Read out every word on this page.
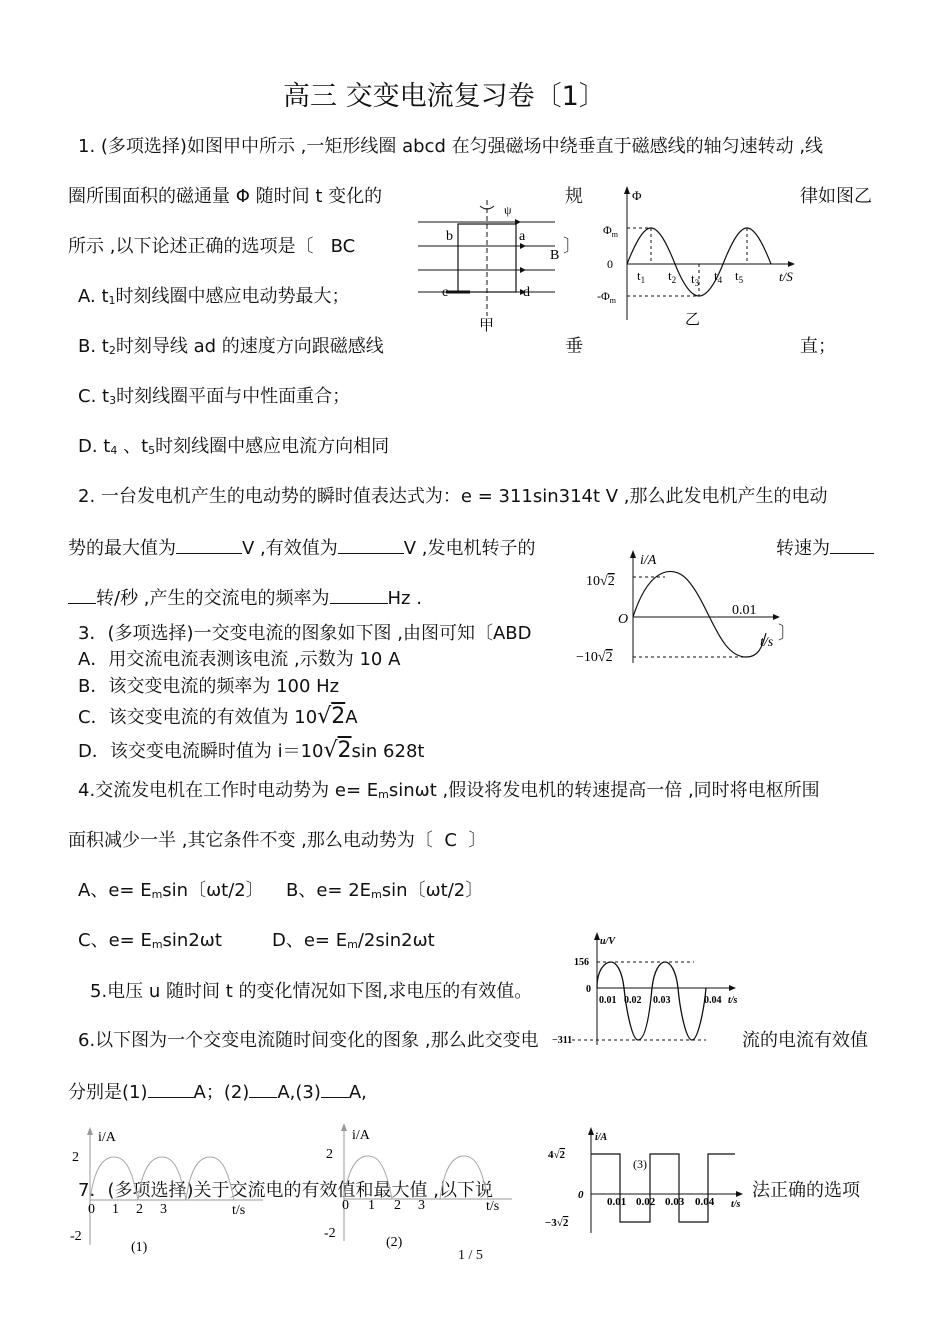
高三 交变电流复习卷〔1〕
1. (多项选择)如图甲中所示 ,一矩形线圈 abcd 在匀强磁场中绕垂直于磁感线的轴匀速转动 ,线
圈所围面积的磁通量 Φ 随时间 t 变化的	规	律如图乙
所示 ,以下论述正确的选项是〔 BC	〕
A. $t_1$时刻线圈中感应电动势最大；
B. $t_2$时刻导线 ad 的速度方向跟磁感线	垂	直；
C. $t_3$时刻线圈平面与中性面重合；
D. $t_4$ 、$t_5$时刻线圈中感应电流方向相同
ψ
b	a
B
c	d
甲
Φ
$\Phi_m$
0
$-\Phi_m$
$t_1$ $t_2$ $t_3$ $t_4$ $t_5$	t/S
乙
2. 一台发电机产生的电动势的瞬时值表达式为：e = 311sin314t V ,那么此发电机产生的电动
势的最大值为	V ,有效值为	V ,发电机转子的	转速为
转/秒 ,产生的交流电的频率为	Hz .
i/A
10√2
O
−10√2
0.01
t/s
3．(多项选择)一交变电流的图象如下图 ,由图可知〔ABD	〕
A．用交流电流表测该电流 ,示数为 10 A
B．该交变电流的频率为 100 Hz
C．该交变电流的有效值为 10√2A
D．该交变电流瞬时值为 i＝10√2sin 628t
4.交流发电机在工作时电动势为 $e= E_m\sin\omega t$ ,假设将发电机的转速提高一倍 ,同时将电枢所围
面积减少一半 ,其它条件不变 ,那么电动势为〔 C 〕
A、$e= E_m\sin$〔ωt/2〕 B、$e= 2E_m\sin$〔ωt/2〕
C、$e= E_m\sin 2\omega t$	D、$e= E_m/2\sin 2\omega t$	u/V
156
0
−311
0.01 0.02 0.03	0.04 t/s
5.电压 u 随时间 t 的变化情况如下图,求电压的有效值。
6.以下图为一个交变电流随时间变化的图象 ,那么此交变电	流的电流有效值
分别是(1)	A；(2) A,(3) A,
7．(多项选择)关于交流电的有效值和最大值 ,以下说	法正确的选项
i/A
2
-2
0 1 2 3	t/s
(1)
i/A
2
-2
0 1 2 3	t/s
(2)
i/A
4√2
0
−3√2
0.01 0.02 0.03 0.04 t/s
(3)
1 / 5
